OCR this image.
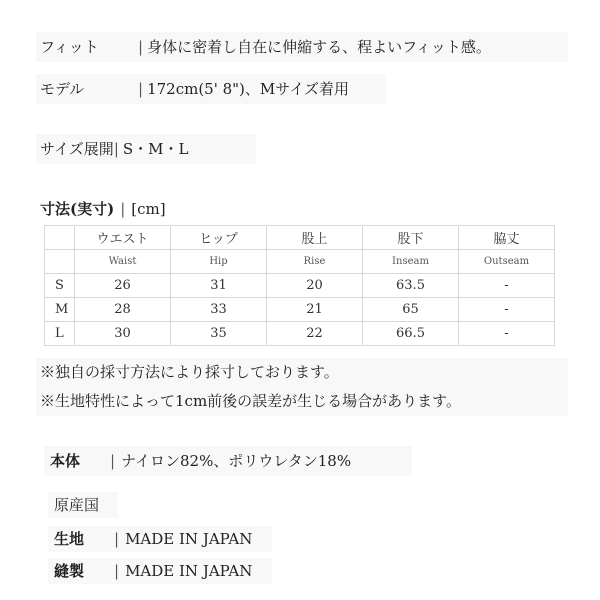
フィット	| 身体に密着し自在に伸縮する、程よいフィット感。
モデル	| 172cm(5' 8")、Mサイズ着用
サイズ展開| S・M・L
寸法(実寸) | [cm]
	ウエスト	ヒップ	股上	股下	脇丈
	Waist	Hip	Rise	Inseam	Outseam
S	26	31	20	63.5	-
M	28	33	21	65	-
L	30	35	22	66.5	-
※独自の採寸方法により採寸しております。
※生地特性によって1cm前後の誤差が生じる場合があります。
本体 | ナイロン82%、ポリウレタン18%
原産国
生地 | MADE IN JAPAN
縫製 | MADE IN JAPAN
